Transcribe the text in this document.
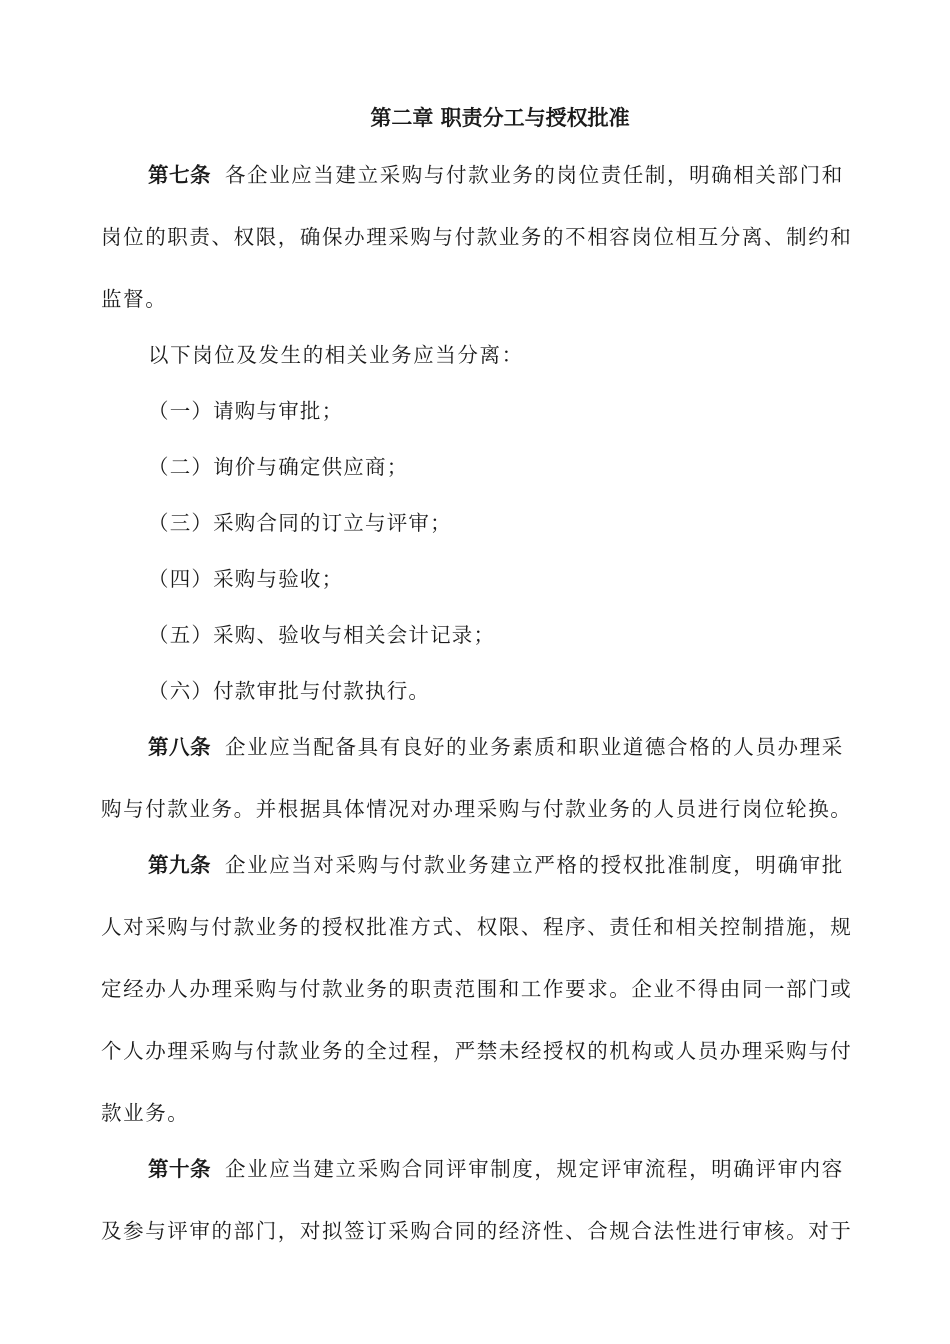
第二章 职责分工与授权批准
第七条 各企业应当建立采购与付款业务的岗位责任制，明确相关部门和
岗位的职责、权限，确保办理采购与付款业务的不相容岗位相互分离、制约和
监督。
以下岗位及发生的相关业务应当分离：
（一）请购与审批；
（二）询价与确定供应商；
（三）采购合同的订立与评审；
（四）采购与验收；
（五）采购、验收与相关会计记录；
（六）付款审批与付款执行。
第八条 企业应当配备具有良好的业务素质和职业道德合格的人员办理采
购与付款业务。并根据具体情况对办理采购与付款业务的人员进行岗位轮换。
第九条 企业应当对采购与付款业务建立严格的授权批准制度，明确审批
人对采购与付款业务的授权批准方式、权限、程序、责任和相关控制措施，规
定经办人办理采购与付款业务的职责范围和工作要求。企业不得由同一部门或
个人办理采购与付款业务的全过程，严禁未经授权的机构或人员办理采购与付
款业务。
第十条 企业应当建立采购合同评审制度，规定评审流程，明确评审内容
及参与评审的部门，对拟签订采购合同的经济性、合规合法性进行审核。对于
